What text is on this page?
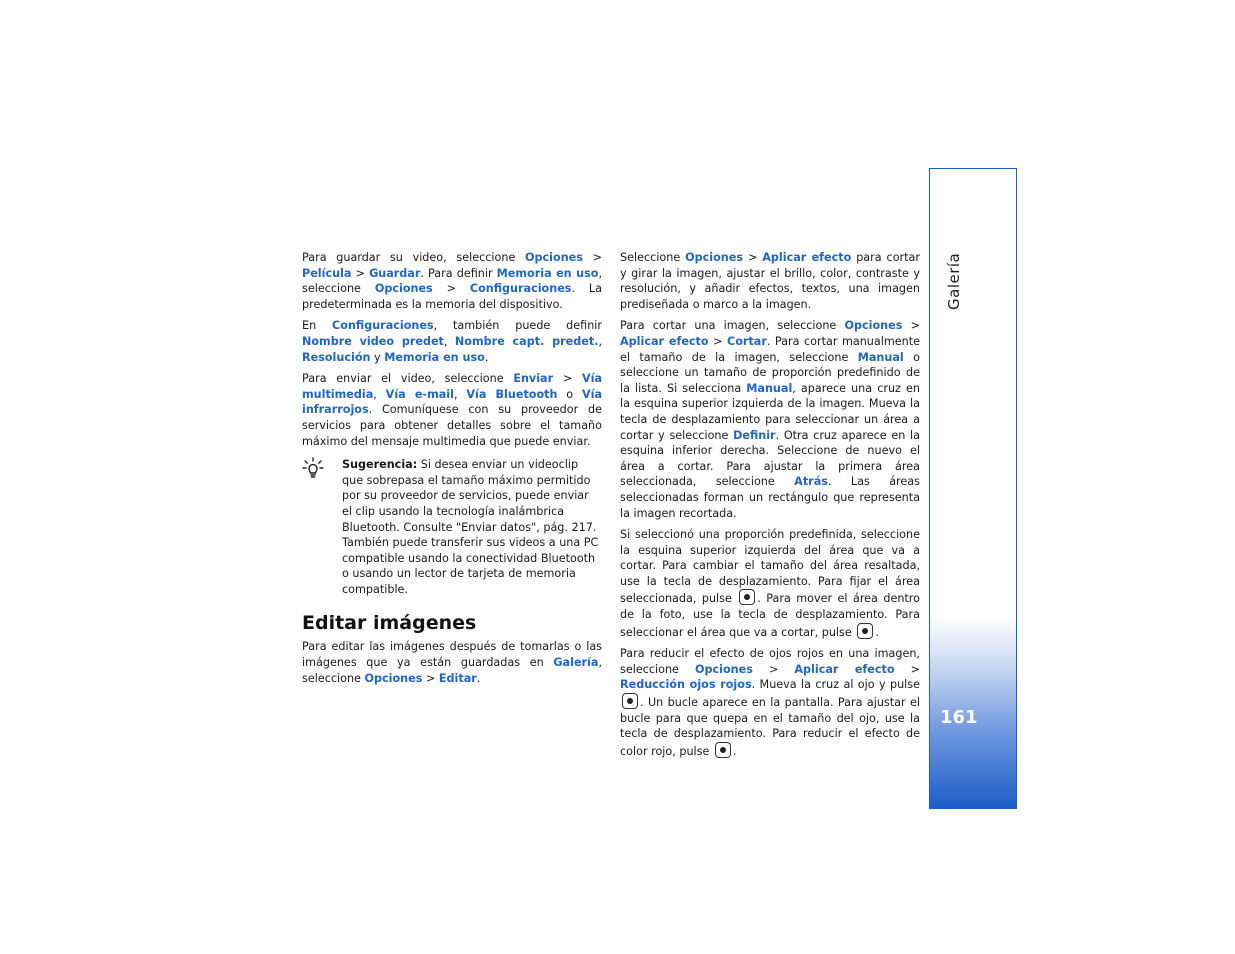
Galería
161

Para guardar su video, seleccione Opciones > Película > Guardar. Para definir Memoria en uso, seleccione Opciones > Configuraciones. La predeterminada es la memoria del dispositivo.

En Configuraciones, también puede definir Nombre video predet, Nombre capt. predet., Resolución y Memoria en uso.

Para enviar el video, seleccione Enviar > Vía multimedia, Vía e-mail, Vía Bluetooth o Vía infrarrojos. Comuníquese con su proveedor de servicios para obtener detalles sobre el tamaño máximo del mensaje multimedia que puede enviar.

Sugerencia: Si desea enviar un videoclip que sobrepasa el tamaño máximo permitido por su proveedor de servicios, puede enviar el clip usando la tecnología inalámbrica Bluetooth. Consulte "Enviar datos", pág. 217. También puede transferir sus videos a una PC compatible usando la conectividad Bluetooth o usando un lector de tarjeta de memoria compatible.

Editar imágenes

Para editar las imágenes después de tomarlas o las imágenes que ya están guardadas en Galería, seleccione Opciones > Editar.

Seleccione Opciones > Aplicar efecto para cortar y girar la imagen, ajustar el brillo, color, contraste y resolución, y añadir efectos, textos, una imagen prediseñada o marco a la imagen.

Para cortar una imagen, seleccione Opciones > Aplicar efecto > Cortar. Para cortar manualmente el tamaño de la imagen, seleccione Manual o seleccione un tamaño de proporción predefinido de la lista. Si selecciona Manual, aparece una cruz en la esquina superior izquierda de la imagen. Mueva la tecla de desplazamiento para seleccionar un área a cortar y seleccione Definir. Otra cruz aparece en la esquina inferior derecha. Seleccione de nuevo el área a cortar. Para ajustar la primera área seleccionada, seleccione Atrás. Las áreas seleccionadas forman un rectángulo que representa la imagen recortada.

Si seleccionó una proporción predefinida, seleccione la esquina superior izquierda del área que va a cortar. Para cambiar el tamaño del área resaltada, use la tecla de desplazamiento. Para fijar el área seleccionada, pulse . Para mover el área dentro de la foto, use la tecla de desplazamiento. Para seleccionar el área que va a cortar, pulse .

Para reducir el efecto de ojos rojos en una imagen, seleccione Opciones > Aplicar efecto > Reducción ojos rojos. Mueva la cruz al ojo y pulse . Un bucle aparece en la pantalla. Para ajustar el bucle para que quepa en el tamaño del ojo, use la tecla de desplazamiento. Para reducir el efecto de color rojo, pulse .
